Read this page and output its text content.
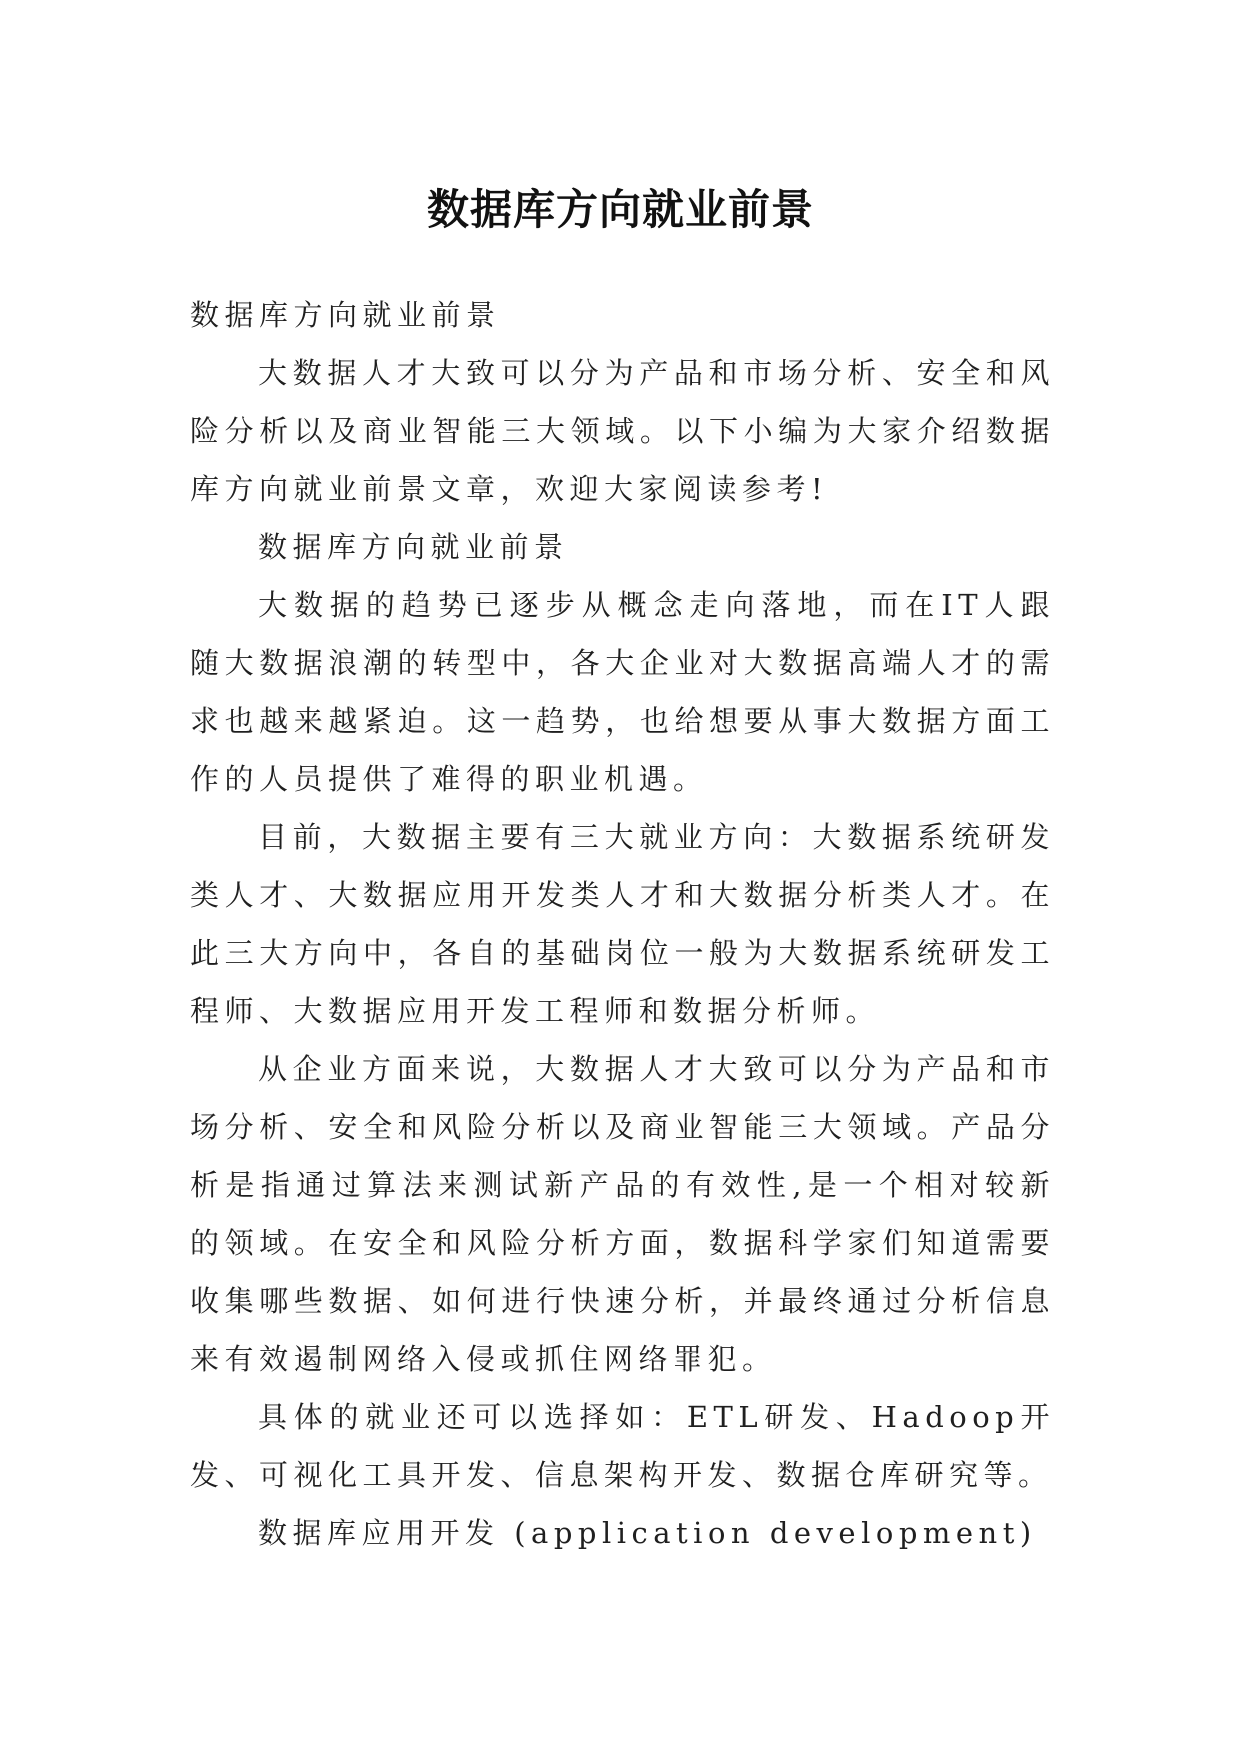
数据库方向就业前景

数据库方向就业前景

大数据人才大致可以分为产品和市场分析、安全和风险分析以及商业智能三大领域。以下小编为大家介绍数据库方向就业前景文章，欢迎大家阅读参考!

数据库方向就业前景

大数据的趋势已逐步从概念走向落地，而在IT人跟随大数据浪潮的转型中，各大企业对大数据高端人才的需求也越来越紧迫。这一趋势，也给想要从事大数据方面工作的人员提供了难得的职业机遇。

目前，大数据主要有三大就业方向：大数据系统研发类人才、大数据应用开发类人才和大数据分析类人才。在此三大方向中，各自的基础岗位一般为大数据系统研发工程师、大数据应用开发工程师和数据分析师。

从企业方面来说，大数据人才大致可以分为产品和市场分析、安全和风险分析以及商业智能三大领域。产品分析是指通过算法来测试新产品的有效性,是一个相对较新的领域。在安全和风险分析方面，数据科学家们知道需要收集哪些数据、如何进行快速分析，并最终通过分析信息来有效遏制网络入侵或抓住网络罪犯。

具体的就业还可以选择如：ETL研发、Hadoop开发、可视化工具开发、信息架构开发、数据仓库研究等。

数据库应用开发 (application development)
